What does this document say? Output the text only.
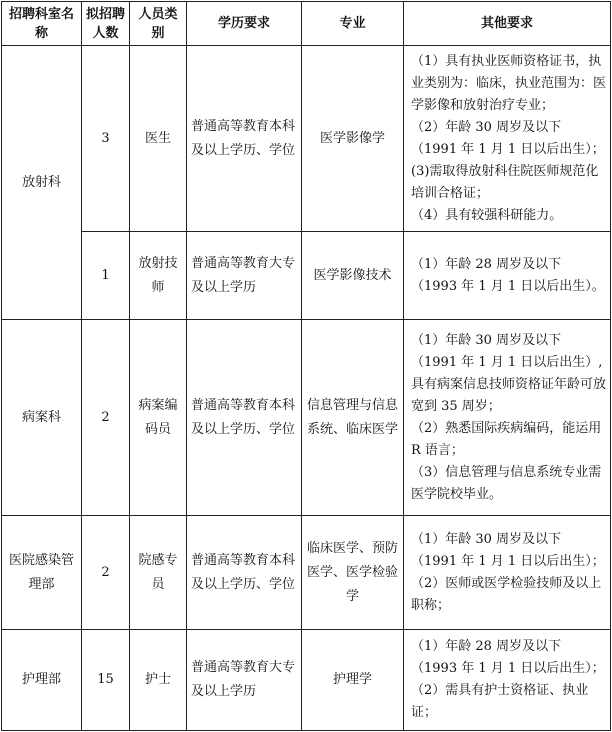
招聘科室名称	拟招聘人数	人员类别	学历要求	专业	其他要求
放射科	3	医生	普通高等教育本科及以上学历、学位	医学影像学	（1）具有执业医师资格证书，执业类别为：临床，执业范围为：医学影像和放射治疗专业；
（2）年龄 30 周岁及以下（1991 年 1 月 1 日以后出生）；
(3)需取得放射科住院医师规范化培训合格证；
（4）具有较强科研能力。

	1	放射技师	普通高等教育大专及以上学历	医学影像技术	（1）年龄 28 周岁及以下（1993 年 1 月 1 日以后出生）。

病案科	2	病案编码员	普通高等教育本科及以上学历、学位	信息管理与信息系统、临床医学	（1）年龄 30 周岁及以下（1991 年 1 月 1 日以后出生）,具有病案信息技师资格证年龄可放宽到 35 周岁；
（2）熟悉国际疾病编码，能运用 R 语言；
（3）信息管理与信息系统专业需医学院校毕业。

医院感染管理部	2	院感专员	普通高等教育本科及以上学历、学位	临床医学、预防医学、医学检验学	（1）年龄 30 周岁及以下（1991 年 1 月 1 日以后出生）；
（2）医师或医学检验技师及以上职称；

护理部	15	护士	普通高等教育大专及以上学历	护理学	（1）年龄 28 周岁及以下（1993 年 1 月 1 日以后出生）；
（2）需具有护士资格证、执业证；
